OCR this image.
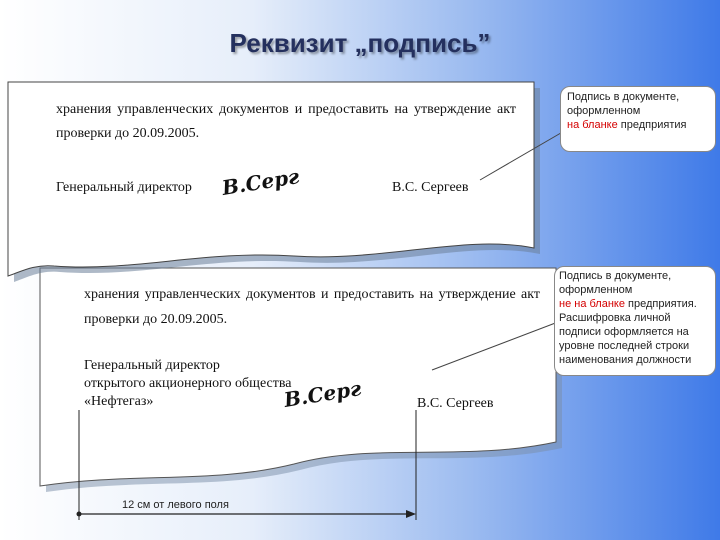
Реквизит „подпись”
хранения управленческих документов и предоставить на утверждение акт
проверки до 20.09.2005.
Генеральный директор В.Серг	В.С. Сергеев
хранения управленческих документов и предоставить на утверждение акт
проверки до 20.09.2005.
Генеральный директор
открытого акционерного общества
«Нефтегаз»	В.Серг	В.С. Сергеев
Подпись в документе, оформленном
на бланке предприятия
Подпись в документе, оформленном
не на бланке предприятия. Расшифровка личной подписи оформляется на уровне последней строки наименования должности
12 см от левого поля
